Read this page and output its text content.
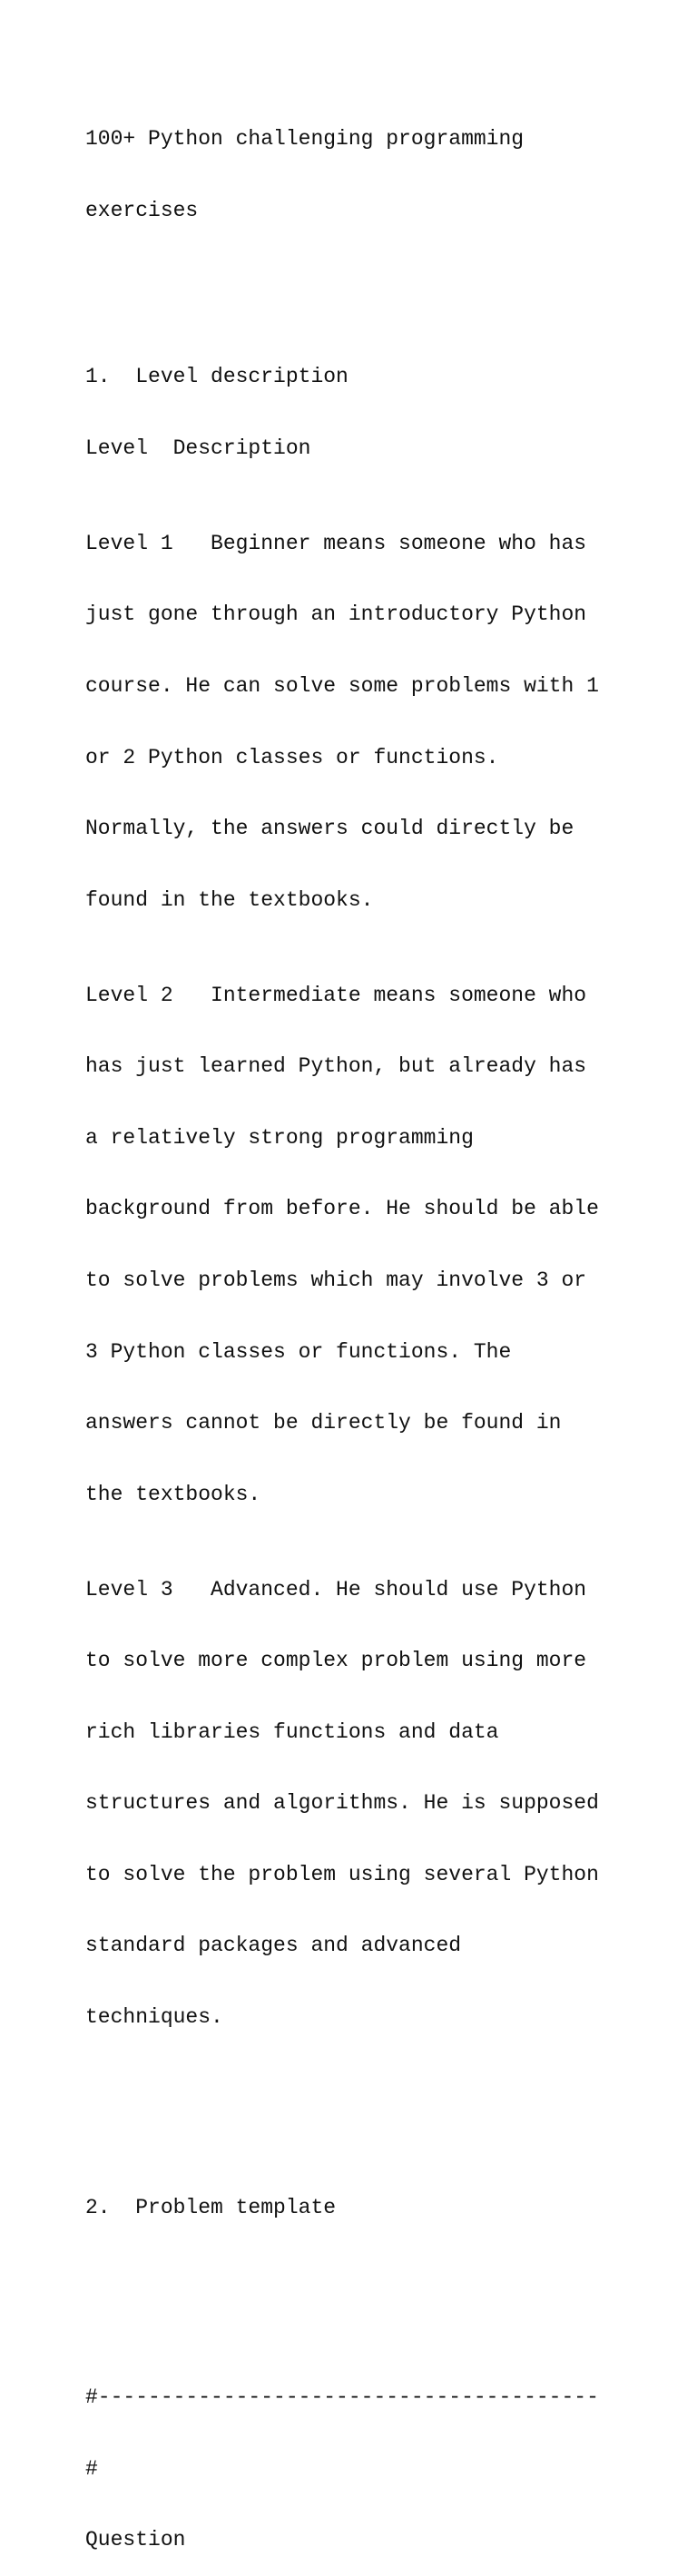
100+ Python challenging programming

exercises

1.  Level description

Level  Description

Level 1   Beginner means someone who has

just gone through an introductory Python

course. He can solve some problems with 1

or 2 Python classes or functions.

Normally, the answers could directly be

found in the textbooks.

Level 2   Intermediate means someone who

has just learned Python, but already has

a relatively strong programming

background from before. He should be able

to solve problems which may involve 3 or

3 Python classes or functions. The

answers cannot be directly be found in

the textbooks.

Level 3   Advanced. He should use Python

to solve more complex problem using more

rich libraries functions and data

structures and algorithms. He is supposed

to solve the problem using several Python

standard packages and advanced

techniques.

2.  Problem template

#----------------------------------------

#

Question
